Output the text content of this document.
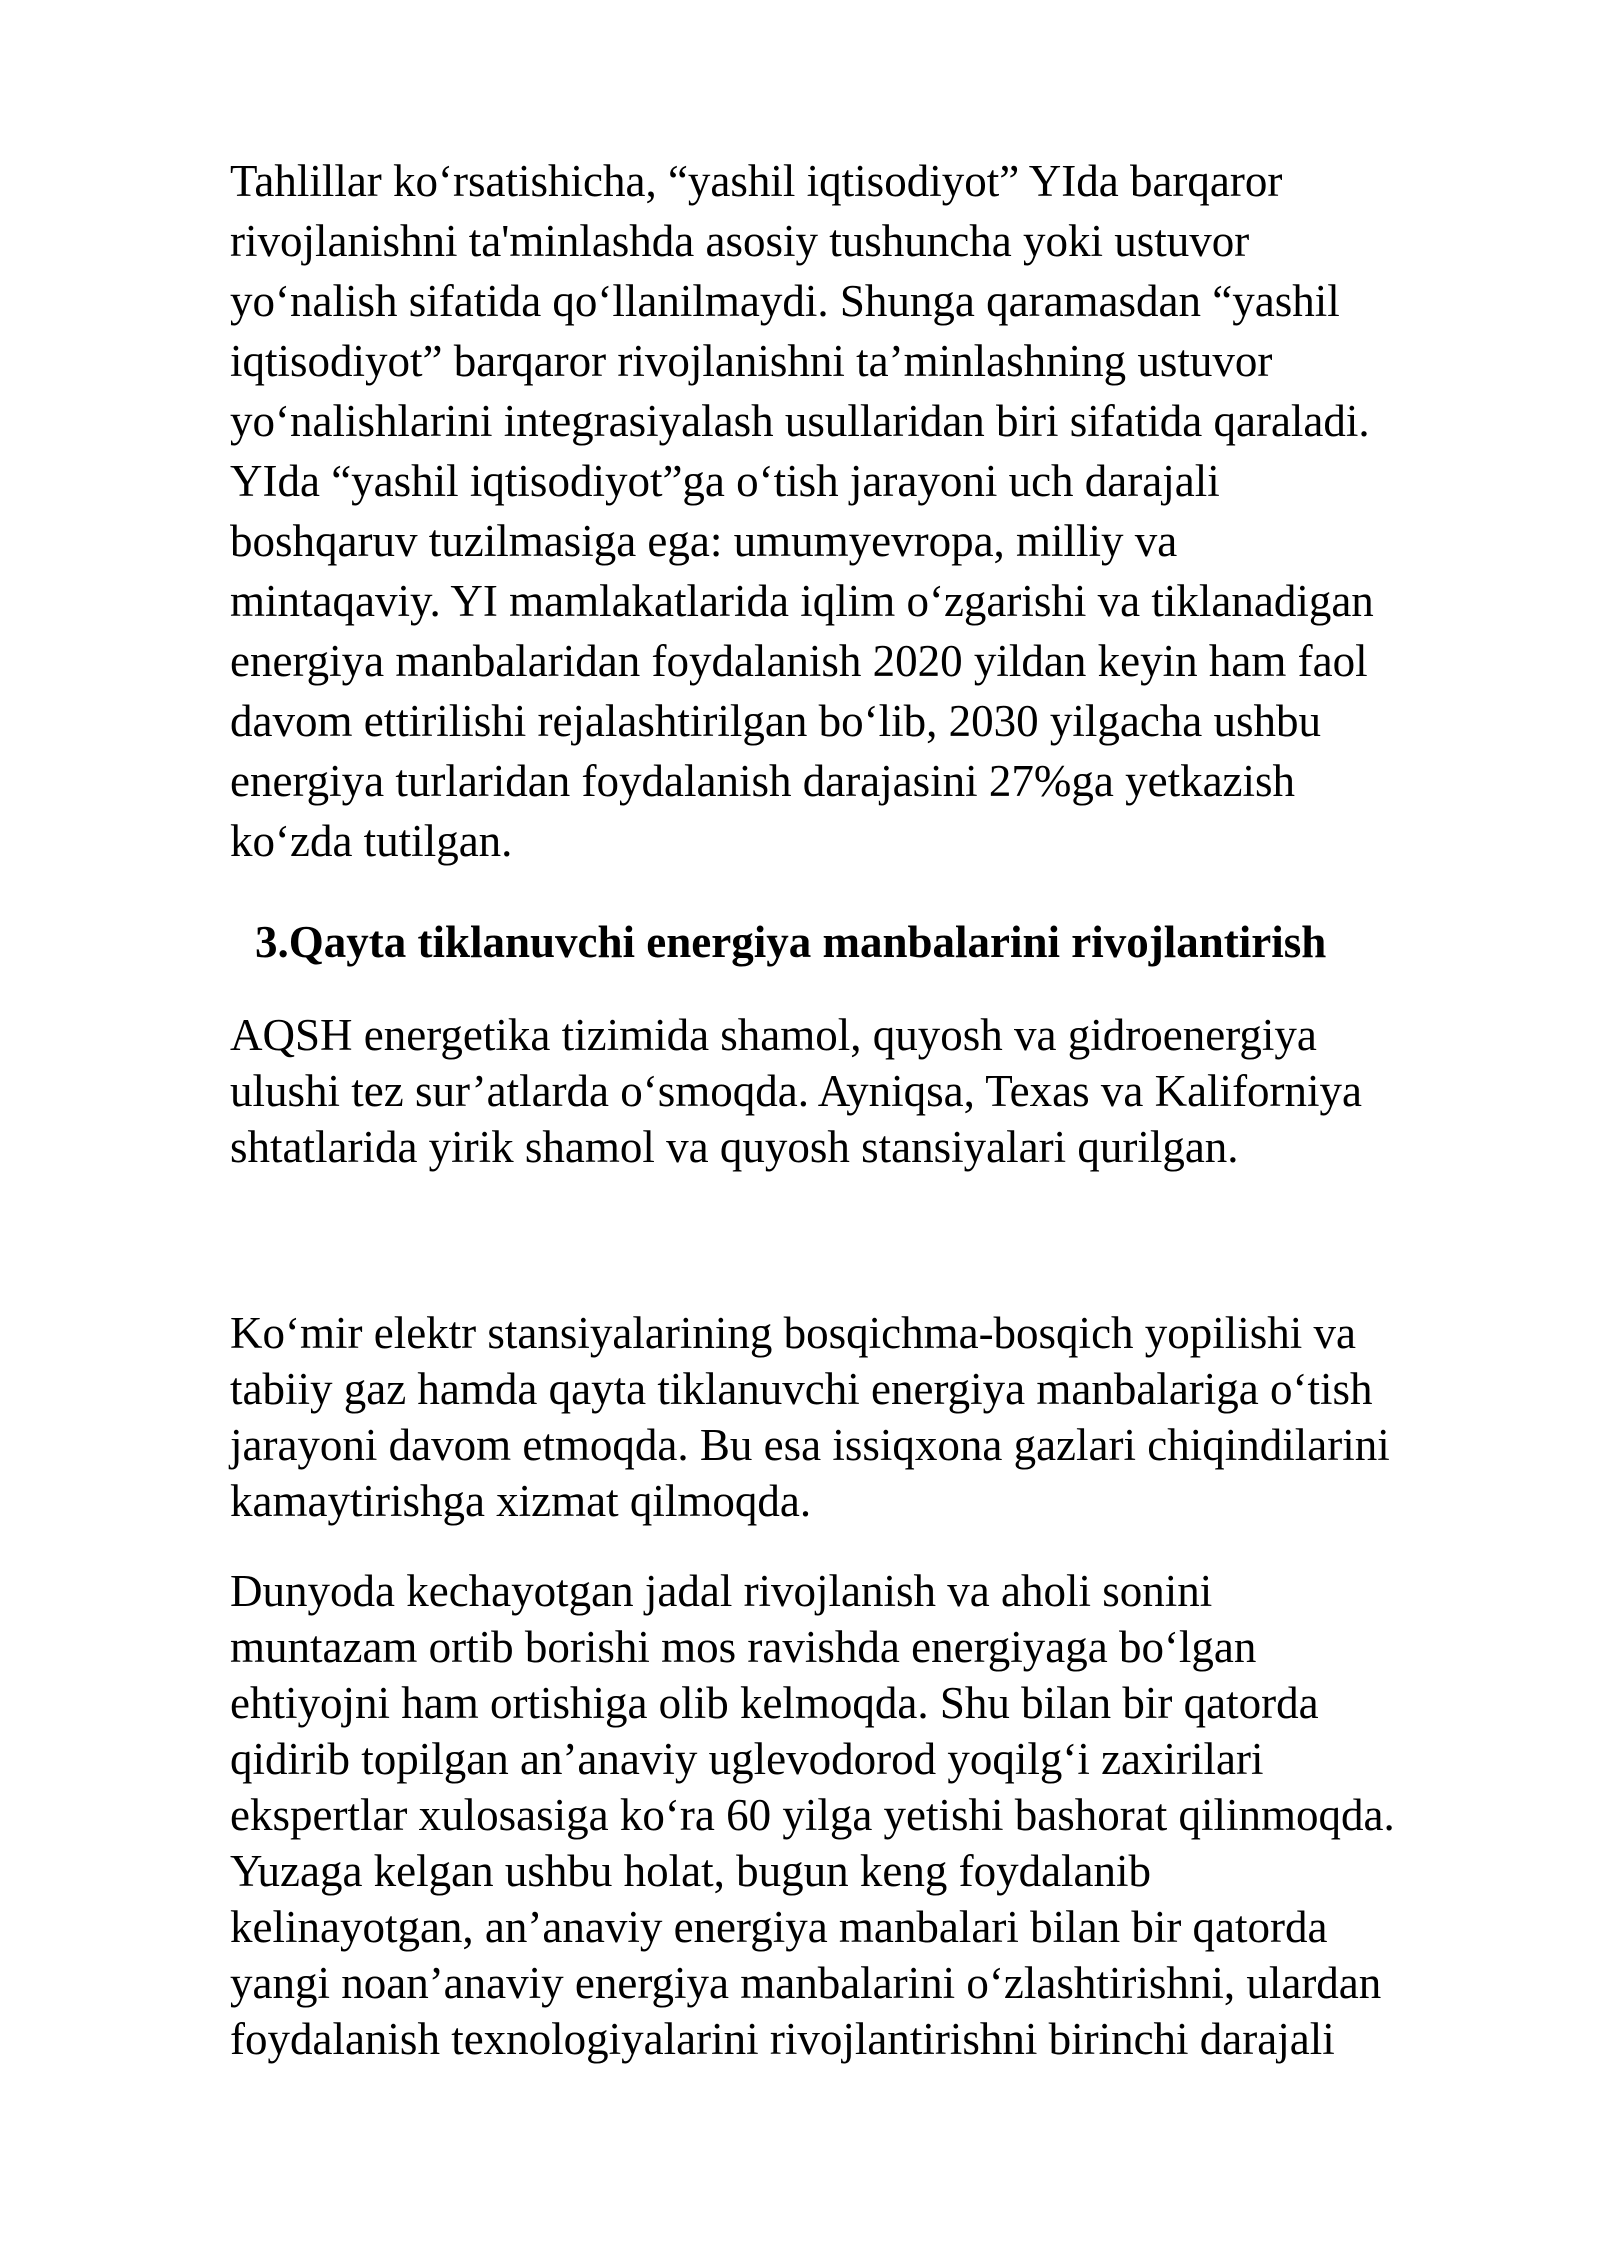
Tahlillar ko‘rsatishicha, “yashil iqtisodiyot” YIda barqaror
rivojlanishni ta'minlashda asosiy tushuncha yoki ustuvor
yo‘nalish sifatida qo‘llanilmaydi. Shunga qaramasdan “yashil
iqtisodiyot” barqaror rivojlanishni ta’minlashning ustuvor
yo‘nalishlarini integrasiyalash usullaridan biri sifatida qaraladi.
YIda “yashil iqtisodiyot”ga o‘tish jarayoni uch darajali
boshqaruv tuzilmasiga ega: umumyevropa, milliy va
mintaqaviy. YI mamlakatlarida iqlim o‘zgarishi va tiklanadigan
energiya manbalaridan foydalanish 2020 yildan keyin ham faol
davom ettirilishi rejalashtirilgan bo‘lib, 2030 yilgacha ushbu
energiya turlaridan foydalanish darajasini 27%ga yetkazish
ko‘zda tutilgan.
3.Qayta tiklanuvchi energiya manbalarini rivojlantirish
AQSH energetika tizimida shamol, quyosh va gidroenergiya
ulushi tez sur’atlarda o‘smoqda. Ayniqsa, Texas va Kaliforniya
shtatlarida yirik shamol va quyosh stansiyalari qurilgan.
Ko‘mir elektr stansiyalarining bosqichma-bosqich yopilishi va
tabiiy gaz hamda qayta tiklanuvchi energiya manbalariga o‘tish
jarayoni davom etmoqda. Bu esa issiqxona gazlari chiqindilarini
kamaytirishga xizmat qilmoqda.
Dunyoda kechayotgan jadal rivojlanish va aholi sonini
muntazam ortib borishi mos ravishda energiyaga bo‘lgan
ehtiyojni ham ortishiga olib kelmoqda. Shu bilan bir qatorda
qidirib topilgan an’anaviy uglevodorod yoqilg‘i zaxirilari
ekspertlar xulosasiga ko‘ra 60 yilga yetishi bashorat qilinmoqda.
Yuzaga kelgan ushbu holat, bugun keng foydalanib
kelinayotgan, an’anaviy energiya manbalari bilan bir qatorda
yangi noan’anaviy energiya manbalarini o‘zlashtirishni, ulardan
foydalanish texnologiyalarini rivojlantirishni birinchi darajali
